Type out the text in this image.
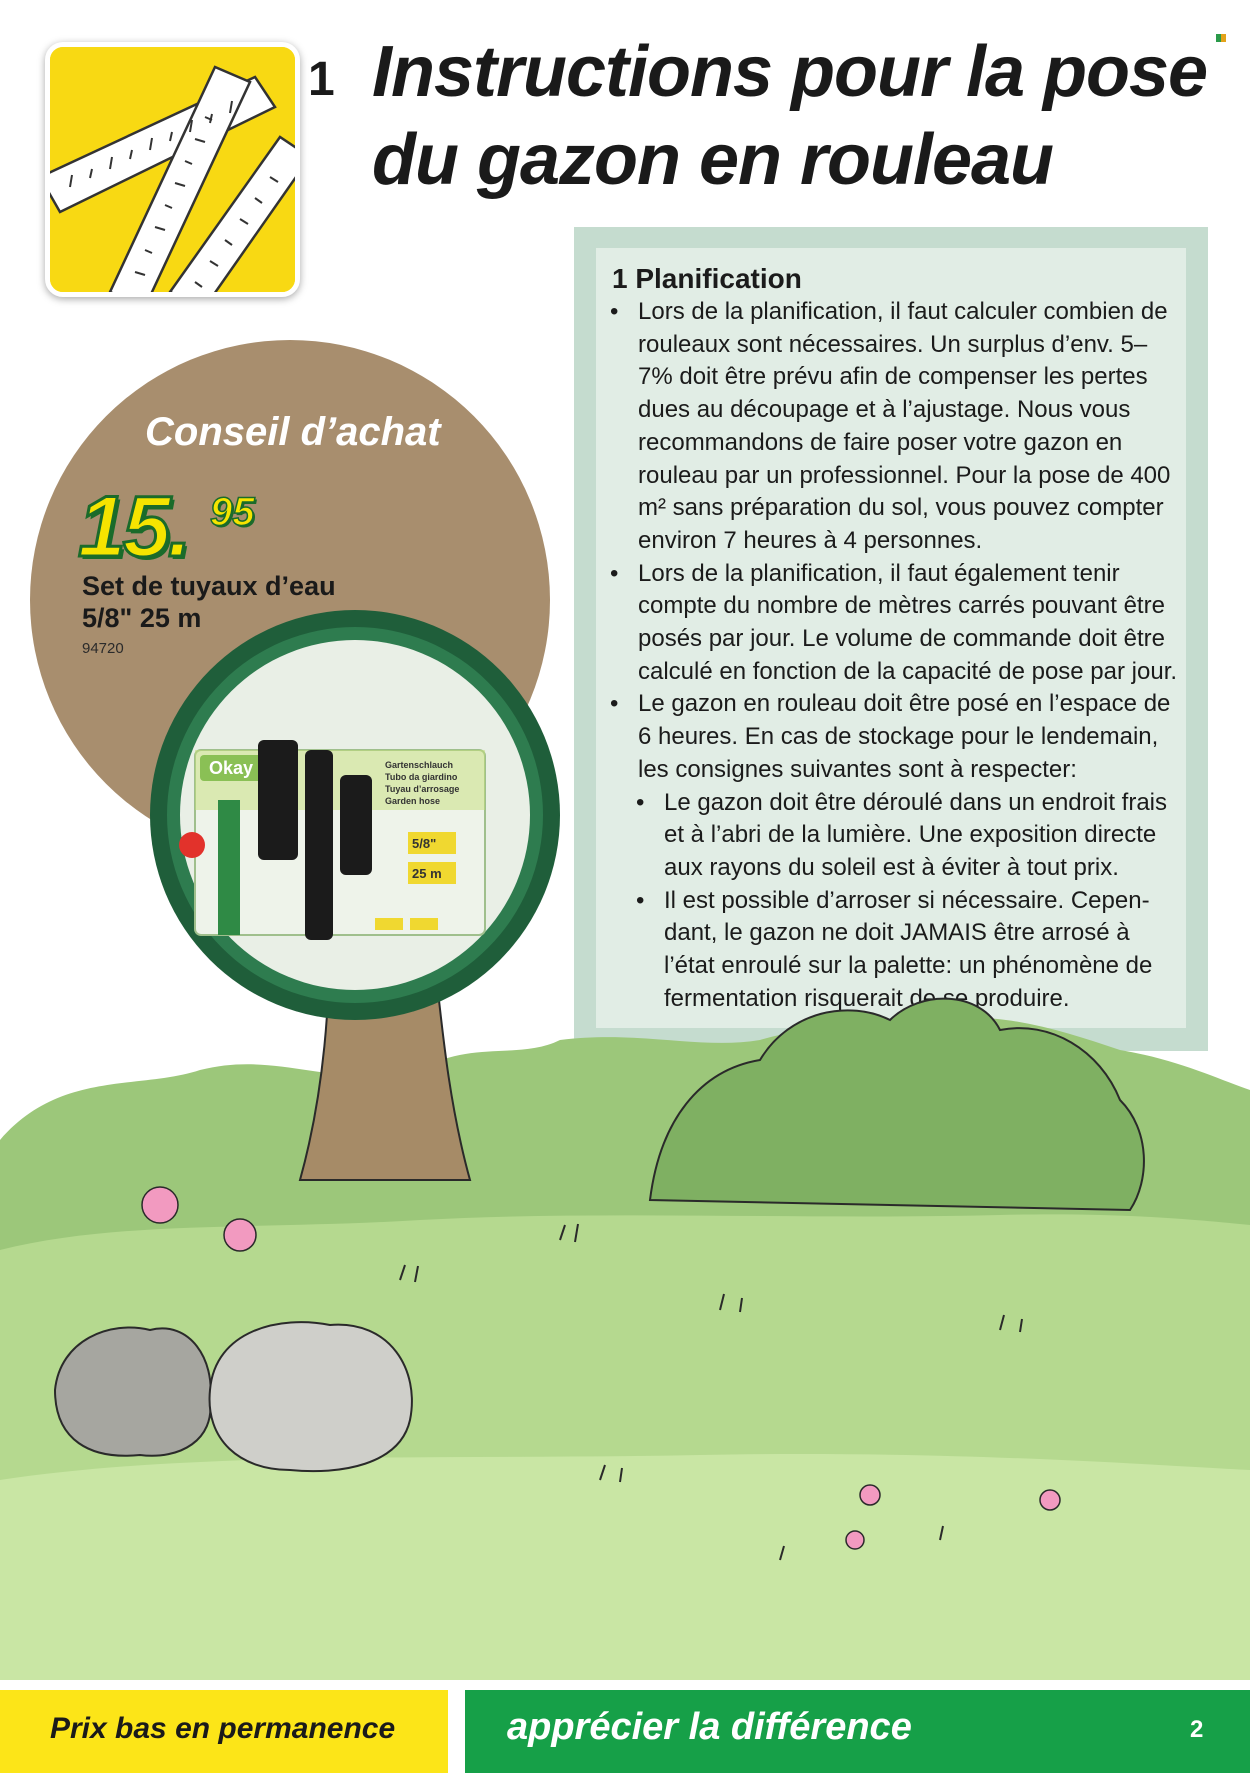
1 Instructions pour la pose du gazon en rouleau
1 Planification
• Lors de la planification, il faut calculer combien de rouleaux sont nécessaires. Un surplus d’env. 5–7% doit être prévu afin de compenser les pertes dues au découpage et à l’ajustage. Nous vous recommandons de faire poser votre gazon en rouleau par un professionnel. Pour la pose de 400 m² sans préparation du sol, vous pouvez compter environ 7 heures à 4 personnes.
• Lors de la planification, il faut également tenir compte du nombre de mètres carrés pouvant être posés par jour. Le volume de commande doit être calculé en fonction de la capacité de pose par jour.
• Le gazon en rouleau doit être posé en l’espace de 6 heures. En cas de stockage pour le lendemain, les consignes suivantes sont à respecter:
• Le gazon doit être déroulé dans un endroit frais et à l’abri de la lumière. Une exposition directe aux rayons du soleil est à éviter à tout prix.
• Il est possible d’arroser si nécessaire. Cependant, le gazon ne doit JAMAIS être arrosé à l’état enroulé sur la palette: un phénomène de fermentation risquerait de se produire.
Conseil d’achat
15. 95
Set de tuyaux d’eau
5/8" 25 m
94720
Okay	Gartenschlauch
Tubo da giardino
Tuyau d’arrosage
Garden hose
5/8"
25 m
Prix bas en permanence	apprécier la différence	2
